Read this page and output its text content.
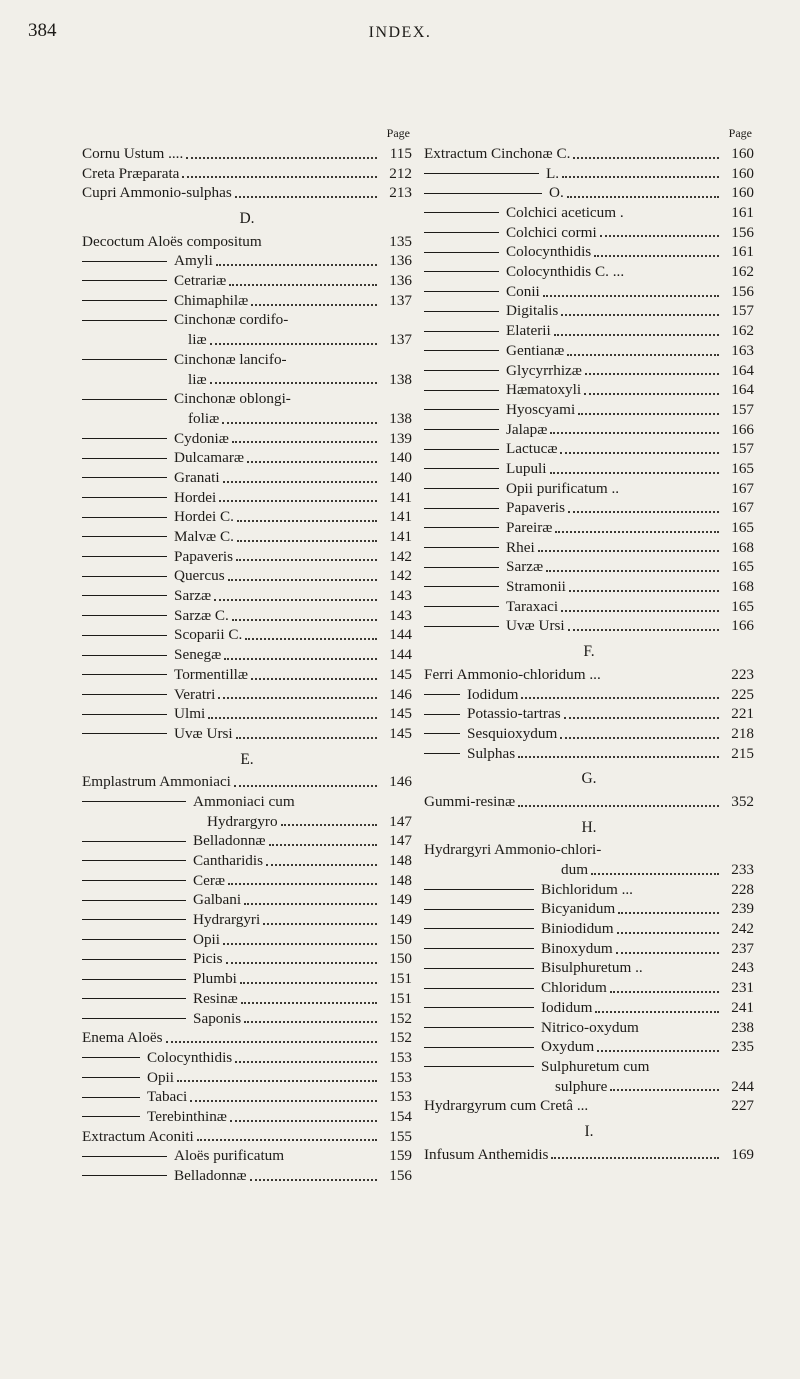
384	INDEX.
Page
Cornu Ustum ....	115
Creta Præparata	212
Cupri Ammonio-sulphas	213
D.
Decoctum Aloës compositum	135
Amyli	136
Cetrariæ	136
Chimaphilæ	137
Cinchonæ cordifo-
liæ	137
Cinchonæ lancifo-
liæ	138
Cinchonæ oblongi-
foliæ	138
Cydoniæ	139
Dulcamaræ	140
Granati	140
Hordei	141
Hordei C.	141
Malvæ C.	141
Papaveris	142
Quercus	142
Sarzæ	143
Sarzæ C.	143
Scoparii C.	144
Senegæ	144
Tormentillæ	145
Veratri	146
Ulmi	145
Uvæ Ursi	145
E.
Emplastrum Ammoniaci	146
Ammoniaci cum
Hydrargyro	147
Belladonnæ	147
Cantharidis	148
Ceræ	148
Galbani	149
Hydrargyri	149
Opii	150
Picis	150
Plumbi	151
Resinæ	151
Saponis	152
Enema Aloës	152
Colocynthidis	153
Opii	153
Tabaci	153
Terebinthinæ	154
Extractum Aconiti	155
Aloës purificatum	159
Belladonnæ	156
Page
Extractum Cinchonæ C.	160
L.	160
O.	160
Colchici aceticum .	161
Colchici cormi	156
Colocynthidis	161
Colocynthidis C. ...	162
Conii	156
Digitalis	157
Elaterii	162
Gentianæ	163
Glycyrrhizæ	164
Hæmatoxyli	164
Hyoscyami	157
Jalapæ	166
Lactucæ	157
Lupuli	165
Opii purificatum ..	167
Papaveris	167
Pareiræ	165
Rhei	168
Sarzæ	165
Stramonii	168
Taraxaci	165
Uvæ Ursi	166
F.
Ferri Ammonio-chloridum ...	223
Iodidum	225
Potassio-tartras	221
Sesquioxydum	218
Sulphas	215
G.
Gummi-resinæ	352
H.
Hydrargyri Ammonio-chlori-
dum	233
Bichloridum ...	228
Bicyanidum	239
Biniodidum	242
Binoxydum	237
Bisulphuretum ..	243
Chloridum	231
Iodidum	241
Nitrico-oxydum	238
Oxydum	235
Sulphuretum cum
sulphure	244
Hydrargyrum cum Cretâ ...	227
I.
Infusum Anthemidis	169
